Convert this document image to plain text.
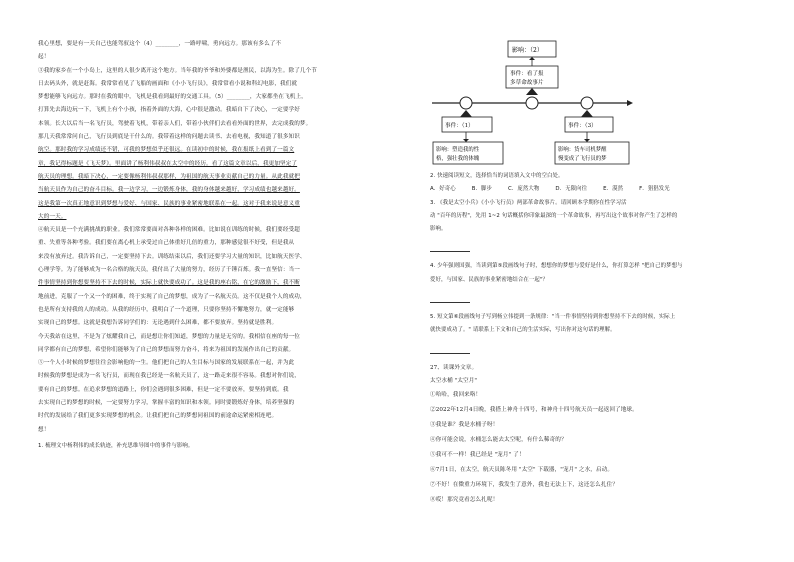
我心里想，要是有一天自己也能驾驭这个（4）________，一路呼啸，勇向远方。那该有多么了不
起！
③我的家乡在一个小岛上，这里的人很少离开这个地方。当年我的爷爷和外婆都是渔民，以海为生。除了几个节
日去码头外，就是赶海。我常常看见了飞船的画面和《小小飞行员》，我常常看小说和科幻电影，我们就
梦想能够飞向远方。那时在我的眼中，飞机是我看到最好的交通工具。（5）________，大家都坐在飞机上，
打算先去海边玩一下，飞机上有个小孩，指着外面的大海，心中很是激动。我暗自下了决心，一定要学好
本领。长大以后当一名飞行员，驾驶着飞机，带着亲人们，带着小伙伴们去看看外面的世界，去完成我的梦。
那几天我常常问自己，飞行员到底是干什么的。我带着这样的问题去读书、去看电视，我知道了很多知识
航空。那时我的学习成绩还不错，可我的梦想似乎还很远。在读初中的时候，我在报纸上看到了一篇文
章，我记得标题是《飞天梦》。里面讲了杨利伟叔叔在太空中的经历。看了这篇文章以后，我更加坚定了
航天员的理想。我暗下决心，一定要像杨利伟叔叔那样，为祖国的航天事业贡献自己的力量。从此我就把
当航天员作为自己的奋斗目标。我一边学习，一边锻炼身体，我的身体越来越好，学习成绩也越来越好。
这是我第一次真正地意识到梦想与爱好、与国家、民族的事业紧密地联系在一起。这对于我来说是意义重
大的一天。
④航天员是一个充满挑战的职业。我们常常要面对各种各样的困难。比如说在训练的时候，我们要经受超
重、失重等各种考验。我们要在离心机上承受过自己体重好几倍的重力，那种感觉很不好受，但是我从
来没有放弃过。我告诉自己，一定要坚持下去。训练结束以后，我们还要学习大量的知识，比如航天医学、
心理学等。为了能够成为一名合格的航天员，我付出了大量的努力，经历了千锤百炼。我一直坚信：当一
件事情坚持到你想要坚持不下去的时候，实际上就快要成功了。这是我的座右铭，在它的激励下，我不断
地前进，克服了一个又一个的困难，终于实现了自己的梦想，成为了一名航天员。这不仅是我个人的成功，
也是所有支持我的人的成功。从我的经历中，我明白了一个道理，只要你坚持不懈地努力，就一定能够
实现自己的梦想。这就是我想告诉同学们的：无论遇到什么困难，都不要放弃。坚持就是胜利。
今天我站在这里，不是为了炫耀我自己，而是想让你们知道，梦想的力量是无穷的。我相信在座的每一位
同学都有自己的梦想，希望你们能够为了自己的梦想而努力奋斗，将来为祖国的发展作出自己的贡献。
⑤一个人小时候的梦想往往会影响他的一生。他们把自己的人生目标与国家的发展联系在一起，并为此
时候我的梦想是成为一名飞行员，而现在我已经是一名航天员了，这一路走来很不容易。我想对你们说，
要有自己的梦想。在追求梦想的道路上，你们会遇到很多困难，但是一定不要放弃，要坚持到底。我
去实现自己的梦想的时候，一定要努力学习，掌握丰富的知识和本领。同时要锻炼好身体，培养坚强的
时代的发展给了我们更多实现梦想的机会。让我们把自己的梦想同祖国的前途命运紧密相连吧。
想！
1. 梳理文中杨利伟的成长轨迹，补充思维导图中的事件与影响。
影响：（2）
事件：看了报
多草命故事片
事件：（1）
影响：塑造我的性
格，强壮我的体魄
事件：（3）
影响：货车司机梦醒
慢变成了飞行员的梦
2. 快速阅读短文，选择恰当的词语填入文中的空白处。
A．好奇心	B．脚步	C．庞然大物	D．无限向往	E．漠然	F．猖猖发光
3. 《我是太空小兵》《小小飞行员》两部革命故事片。请回顾本学期你在性学习活
动 "百年的历程"，先用 1~2 句话概括你印象最深的一个革命故事，再写出这个故事对你产生了怎样的
影响。
4. 少年强则国强，当读到第⑤段画线句子时，想想你的梦想与爱好是什么，你打算怎样 "把自己的梦想与
爱好，与国家、民族的事业紧密地结合在一起"？
5. 短文第⑥段画线句子写到杨立伟提到一条规律："当一件事情坚持到你想坚持不下去的时候，实际上
就快要成功了。" 请联系上下文和自己的生活实际，写出你对这句话的理解。
27、读课外文章。
太空水桶 "太空月"
①哈哈，我回来咯！
②2022年12月4日晚，我搭上神舟十四号，和神舟十四号航天员一起返回了地球。
③我是谁？我是水桶子呀！
④你可能会说，水桶怎么能去太空呢，有什么稀奇的？
⑤我可不一样！我已经是 "宠月" 了！
⑥7月1日，在太空，航天员陈冬用 "太空" 下载器，"宠月" 之水，启动。
⑦不好！在微重力环境下，我发生了意外，我也无法上下，这还怎么扎住？
⑧哎！那究竟看怎么扎呢！
